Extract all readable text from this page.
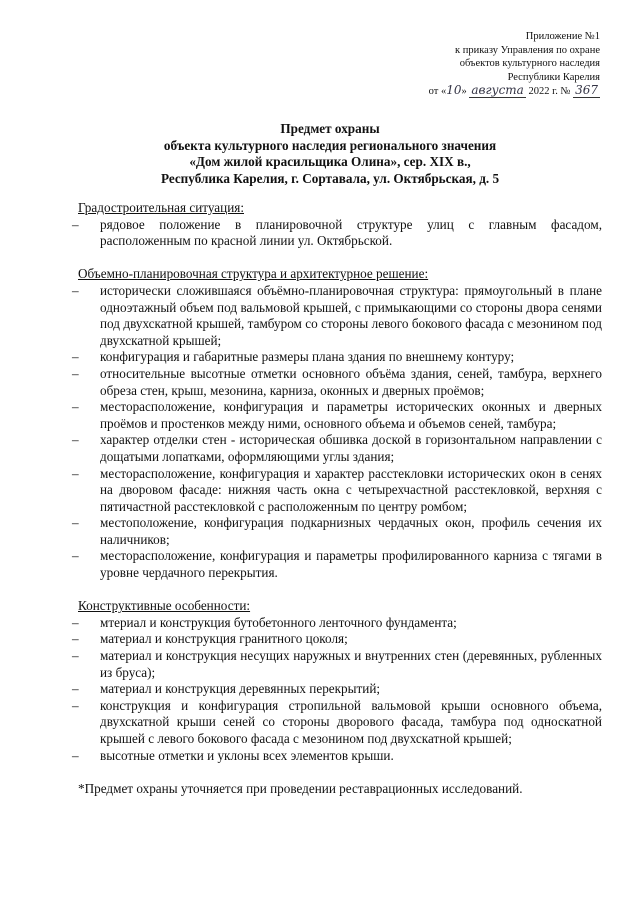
Приложение №1
к приказу Управления по охране
объектов культурного наследия
Республики Карелия
от «10» августа 2022 г. № 367
Предмет охраны
объекта культурного наследия регионального значения
«Дом жилой красильщика Олина», сер. XIX в.,
Республика Карелия, г. Сортавала, ул. Октябрьская, д. 5
Градостроительная ситуация:
– рядовое положение в планировочной структуре улиц с главным фасадом, расположенным по красной линии ул. Октябрьской.
Объемно-планировочная структура и архитектурное решение:
– исторически сложившаяся объёмно-планировочная структура: прямоугольный в плане одноэтажный объем под вальмовой крышей, с примыкающими со стороны двора сенями под двухскатной крышей, тамбуром со стороны левого бокового фасада с мезонином под двухскатной крышей;
– конфигурация и габаритные размеры плана здания по внешнему контуру;
– относительные высотные отметки основного объёма здания, сеней, тамбура, верхнего обреза стен, крыш, мезонина, карниза, оконных и дверных проёмов;
– месторасположение, конфигурация и параметры исторических оконных и дверных проёмов и простенков между ними, основного объема и объемов сеней, тамбура;
– характер отделки стен - историческая обшивка доской в горизонтальном направлении с дощатыми лопатками, оформляющими углы здания;
– месторасположение, конфигурация и характер расстекловки исторических окон в сенях на дворовом фасаде: нижняя часть окна с четырехчастной расстекловкой, верхняя с пятичастной расстекловкой с расположенным по центру ромбом;
– местоположение, конфигурация подкарнизных чердачных окон, профиль сечения их наличников;
– месторасположение, конфигурация и параметры профилированного карниза с тягами в уровне чердачного перекрытия.
Конструктивные особенности:
– мтериал и конструкция бутобетонного ленточного фундамента;
– материал и конструкция гранитного цоколя;
– материал и конструкция несущих наружных и внутренних стен (деревянных, рубленных из бруса);
– материал и конструкция деревянных перекрытий;
– конструкция и конфигурация стропильной вальмовой крыши основного объема, двухскатной крыши сеней со стороны дворового фасада, тамбура под односкатной крышей с левого бокового фасада с мезонином под двухскатной крышей;
– высотные отметки и уклоны всех элементов крыши.
*Предмет охраны уточняется при проведении реставрационных исследований.
